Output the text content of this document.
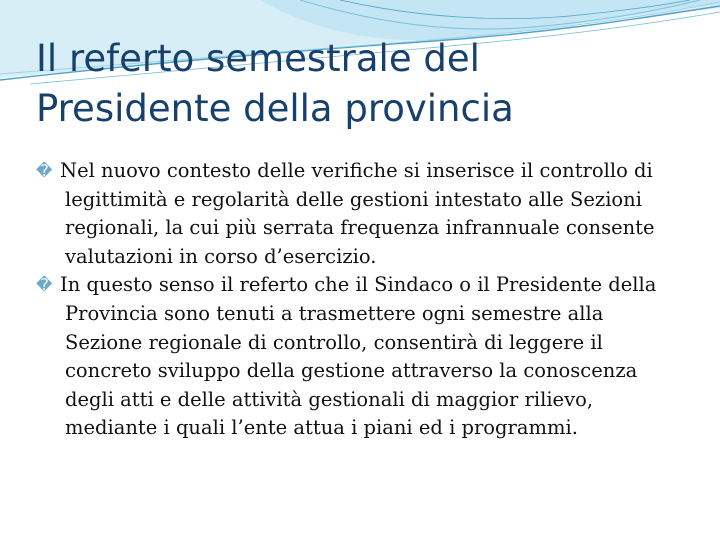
Il referto semestrale del
Presidente della provincia

� Nel nuovo contesto delle verifiche si inserisce il controllo di legittimità e regolarità delle gestioni intestato alle Sezioni regionali, la cui più serrata frequenza infrannuale consente valutazioni in corso d’esercizio.

� In questo senso il referto che il Sindaco o il Presidente della Provincia sono tenuti a trasmettere ogni semestre alla Sezione regionale di controllo, consentirà di leggere il concreto sviluppo della gestione attraverso la conoscenza degli atti e delle attività gestionali di maggior rilievo, mediante i quali l’ente attua i piani ed i programmi.
